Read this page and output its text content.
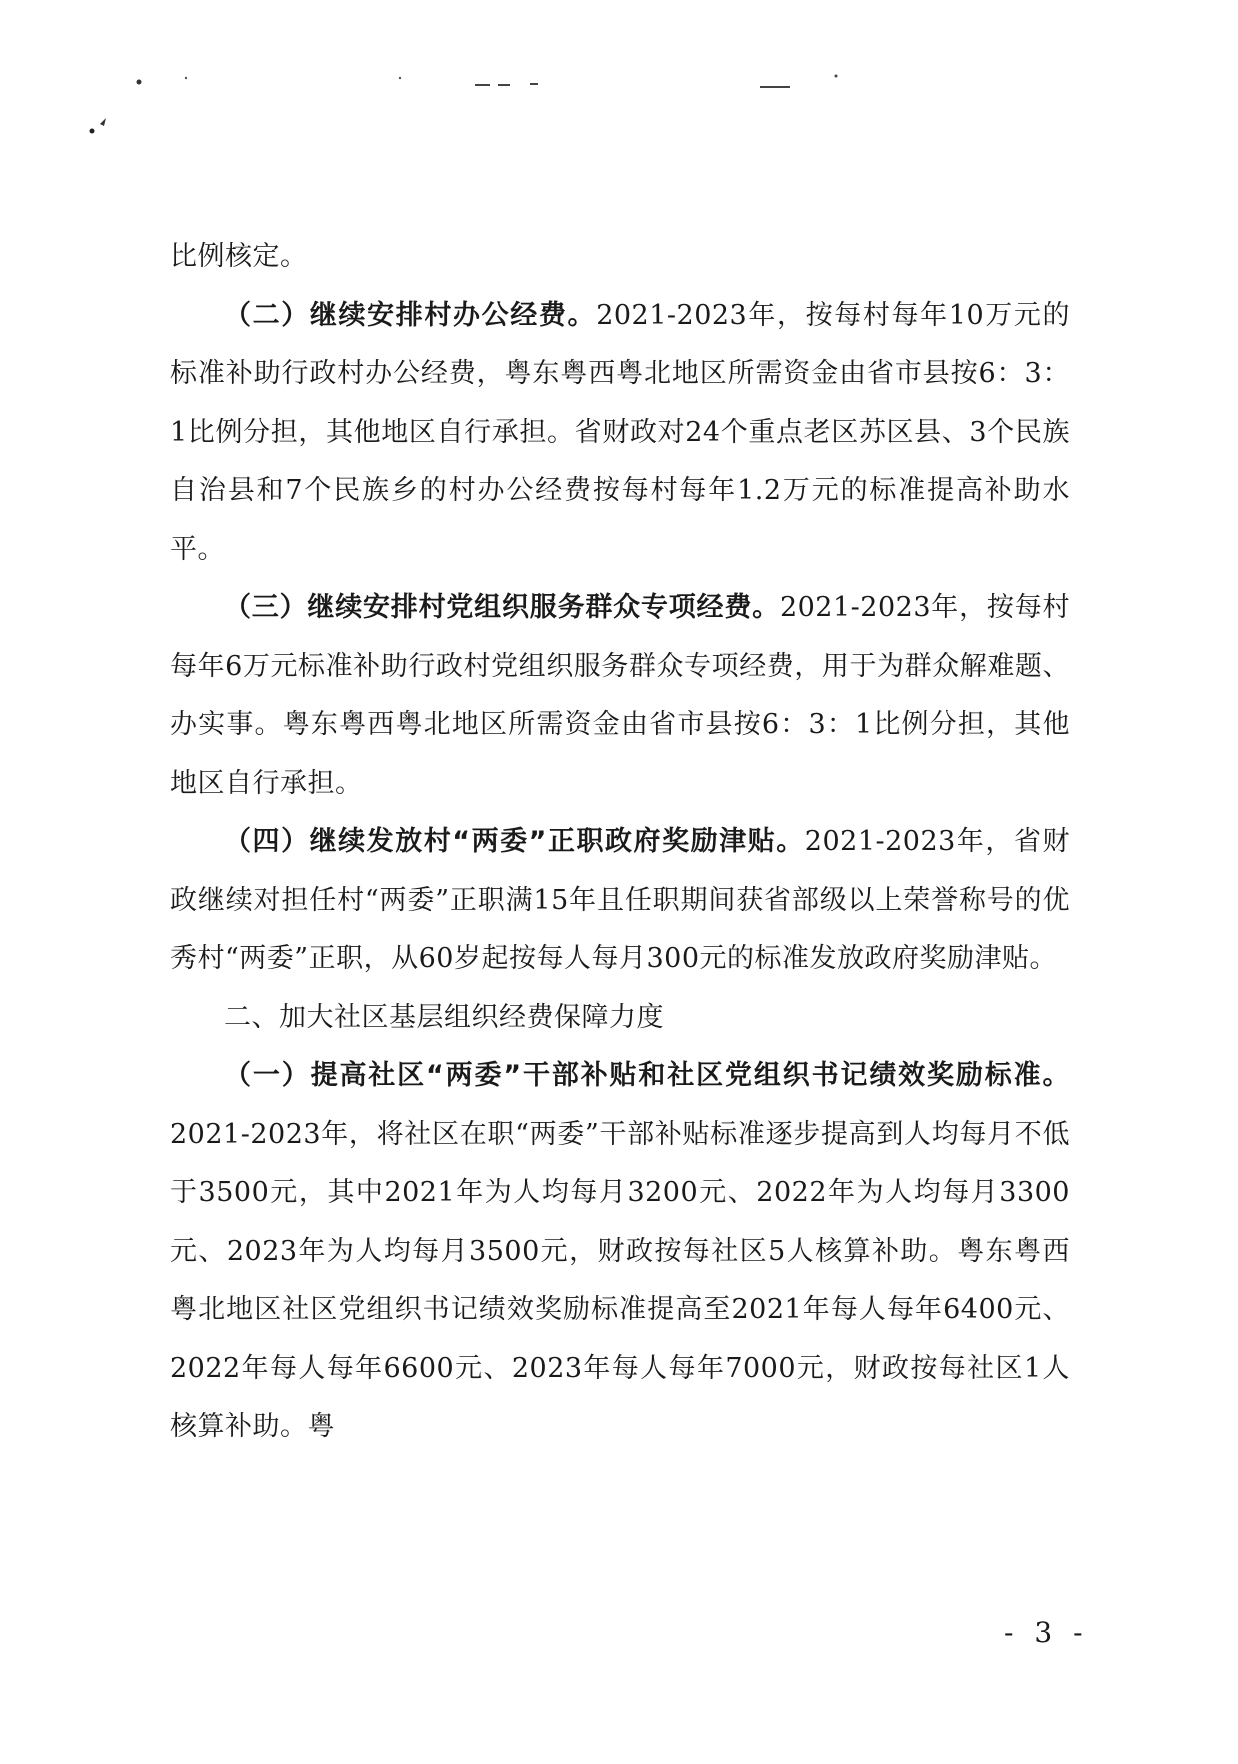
比例核定。

（二）继续安排村办公经费。2021-2023年，按每村每年10万元的标准补助行政村办公经费，粤东粤西粤北地区所需资金由省市县按6：3：1比例分担，其他地区自行承担。省财政对24个重点老区苏区县、3个民族自治县和7个民族乡的村办公经费按每村每年1.2万元的标准提高补助水平。

（三）继续安排村党组织服务群众专项经费。2021-2023年，按每村每年6万元标准补助行政村党组织服务群众专项经费，用于为群众解难题、办实事。粤东粤西粤北地区所需资金由省市县按6：3：1比例分担，其他地区自行承担。

（四）继续发放村“两委”正职政府奖励津贴。2021-2023年，省财政继续对担任村“两委”正职满15年且任职期间获省部级以上荣誉称号的优秀村“两委”正职，从60岁起按每人每月300元的标准发放政府奖励津贴。

二、加大社区基层组织经费保障力度

（一）提高社区“两委”干部补贴和社区党组织书记绩效奖励标准。2021-2023年，将社区在职“两委”干部补贴标准逐步提高到人均每月不低于3500元，其中2021年为人均每月3200元、2022年为人均每月3300元、2023年为人均每月3500元，财政按每社区5人核算补助。粤东粤西粤北地区社区党组织书记绩效奖励标准提高至2021年每人每年6400元、2022年每人每年6600元、2023年每人每年7000元，财政按每社区1人核算补助。粤

- 3 -
